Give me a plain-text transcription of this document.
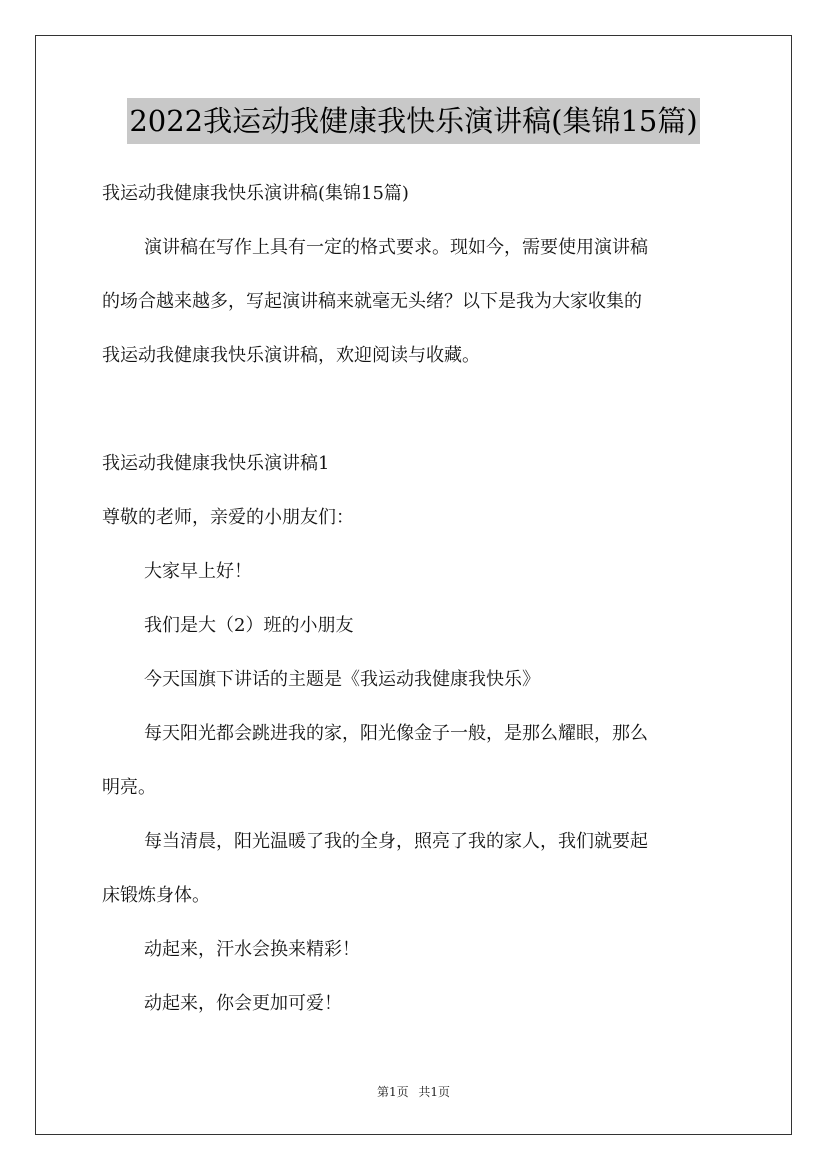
2022我运动我健康我快乐演讲稿(集锦15篇)
我运动我健康我快乐演讲稿(集锦15篇)
演讲稿在写作上具有一定的格式要求。现如今，需要使用演讲稿
的场合越来越多，写起演讲稿来就毫无头绪？以下是我为大家收集的
我运动我健康我快乐演讲稿，欢迎阅读与收藏。
我运动我健康我快乐演讲稿1
尊敬的老师，亲爱的小朋友们：
大家早上好！
我们是大（2）班的小朋友
今天国旗下讲话的主题是《我运动我健康我快乐》
每天阳光都会跳进我的家，阳光像金子一般，是那么耀眼，那么
明亮。
每当清晨，阳光温暖了我的全身，照亮了我的家人，我们就要起
床锻炼身体。
动起来，汗水会换来精彩！
动起来，你会更加可爱！
第1页 共1页
